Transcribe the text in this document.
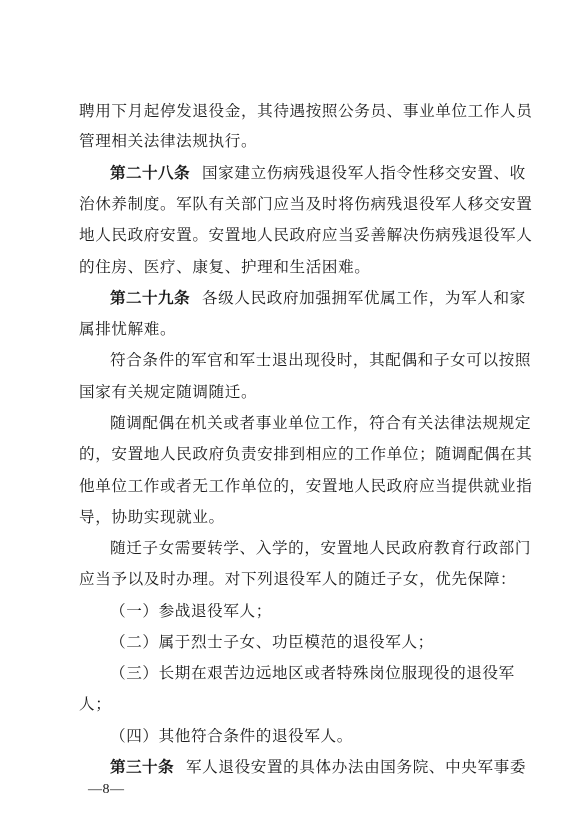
聘用下月起停发退役金，其待遇按照公务员、事业单位工作人员
管理相关法律法规执行。
第二十八条 国家建立伤病残退役军人指令性移交安置、收
治休养制度。军队有关部门应当及时将伤病残退役军人移交安置
地人民政府安置。安置地人民政府应当妥善解决伤病残退役军人
的住房、医疗、康复、护理和生活困难。
第二十九条 各级人民政府加强拥军优属工作，为军人和家
属排忧解难。
符合条件的军官和军士退出现役时，其配偶和子女可以按照
国家有关规定随调随迁。
随调配偶在机关或者事业单位工作，符合有关法律法规规定
的，安置地人民政府负责安排到相应的工作单位；随调配偶在其
他单位工作或者无工作单位的，安置地人民政府应当提供就业指
导，协助实现就业。
随迁子女需要转学、入学的，安置地人民政府教育行政部门
应当予以及时办理。对下列退役军人的随迁子女，优先保障：
（一）参战退役军人；
（二）属于烈士子女、功臣模范的退役军人；
（三）长期在艰苦边远地区或者特殊岗位服现役的退役军
人；
（四）其他符合条件的退役军人。
第三十条 军人退役安置的具体办法由国务院、中央军事委
—8—
